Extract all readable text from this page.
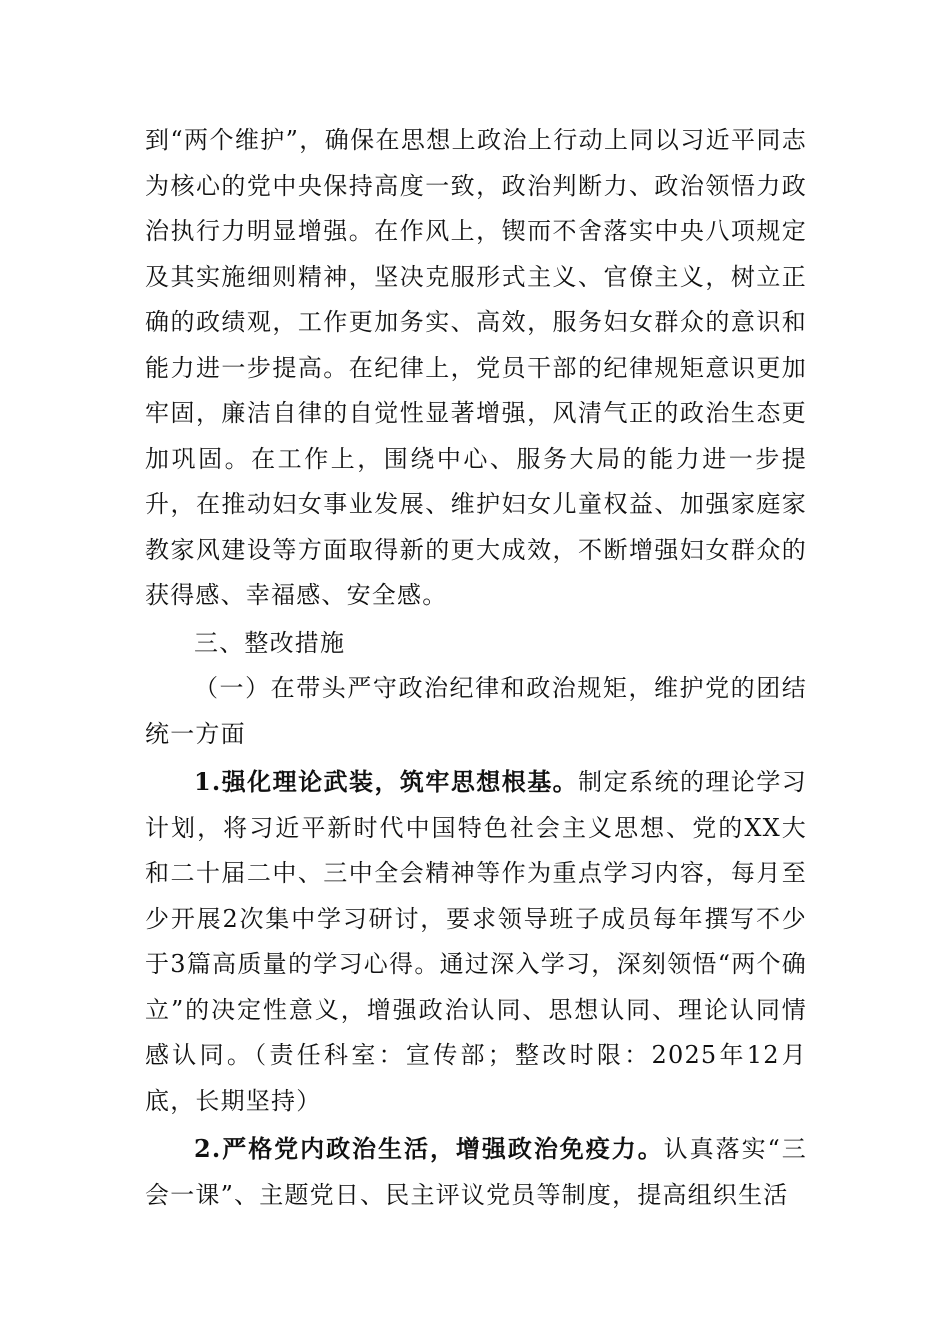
到“两个维护”，确保在思想上政治上行动上同以习近平同志为核心的党中央保持高度一致，政治判断力、政治领悟力政治执行力明显增强。在作风上，锲而不舍落实中央八项规定及其实施细则精神，坚决克服形式主义、官僚主义，树立正确的政绩观，工作更加务实、高效，服务妇女群众的意识和能力进一步提高。在纪律上，党员干部的纪律规矩意识更加牢固，廉洁自律的自觉性显著增强，风清气正的政治生态更加巩固。在工作上，围绕中心、服务大局的能力进一步提升，在推动妇女事业发展、维护妇女儿童权益、加强家庭家教家风建设等方面取得新的更大成效，不断增强妇女群众的获得感、幸福感、安全感。

三、整改措施

（一）在带头严守政治纪律和政治规矩，维护党的团结统一方面

1.强化理论武装，筑牢思想根基。制定系统的理论学习计划，将习近平新时代中国特色社会主义思想、党的XX大和二十届二中、三中全会精神等作为重点学习内容，每月至少开展2次集中学习研讨，要求领导班子成员每年撰写不少于3篇高质量的学习心得。通过深入学习，深刻领悟“两个确立”的决定性意义，增强政治认同、思想认同、理论认同情感认同。（责任科室：宣传部；整改时限：2025年12月底，长期坚持）

2.严格党内政治生活，增强政治免疫力。认真落实“三会一课”、主题党日、民主评议党员等制度，提高组织生活
